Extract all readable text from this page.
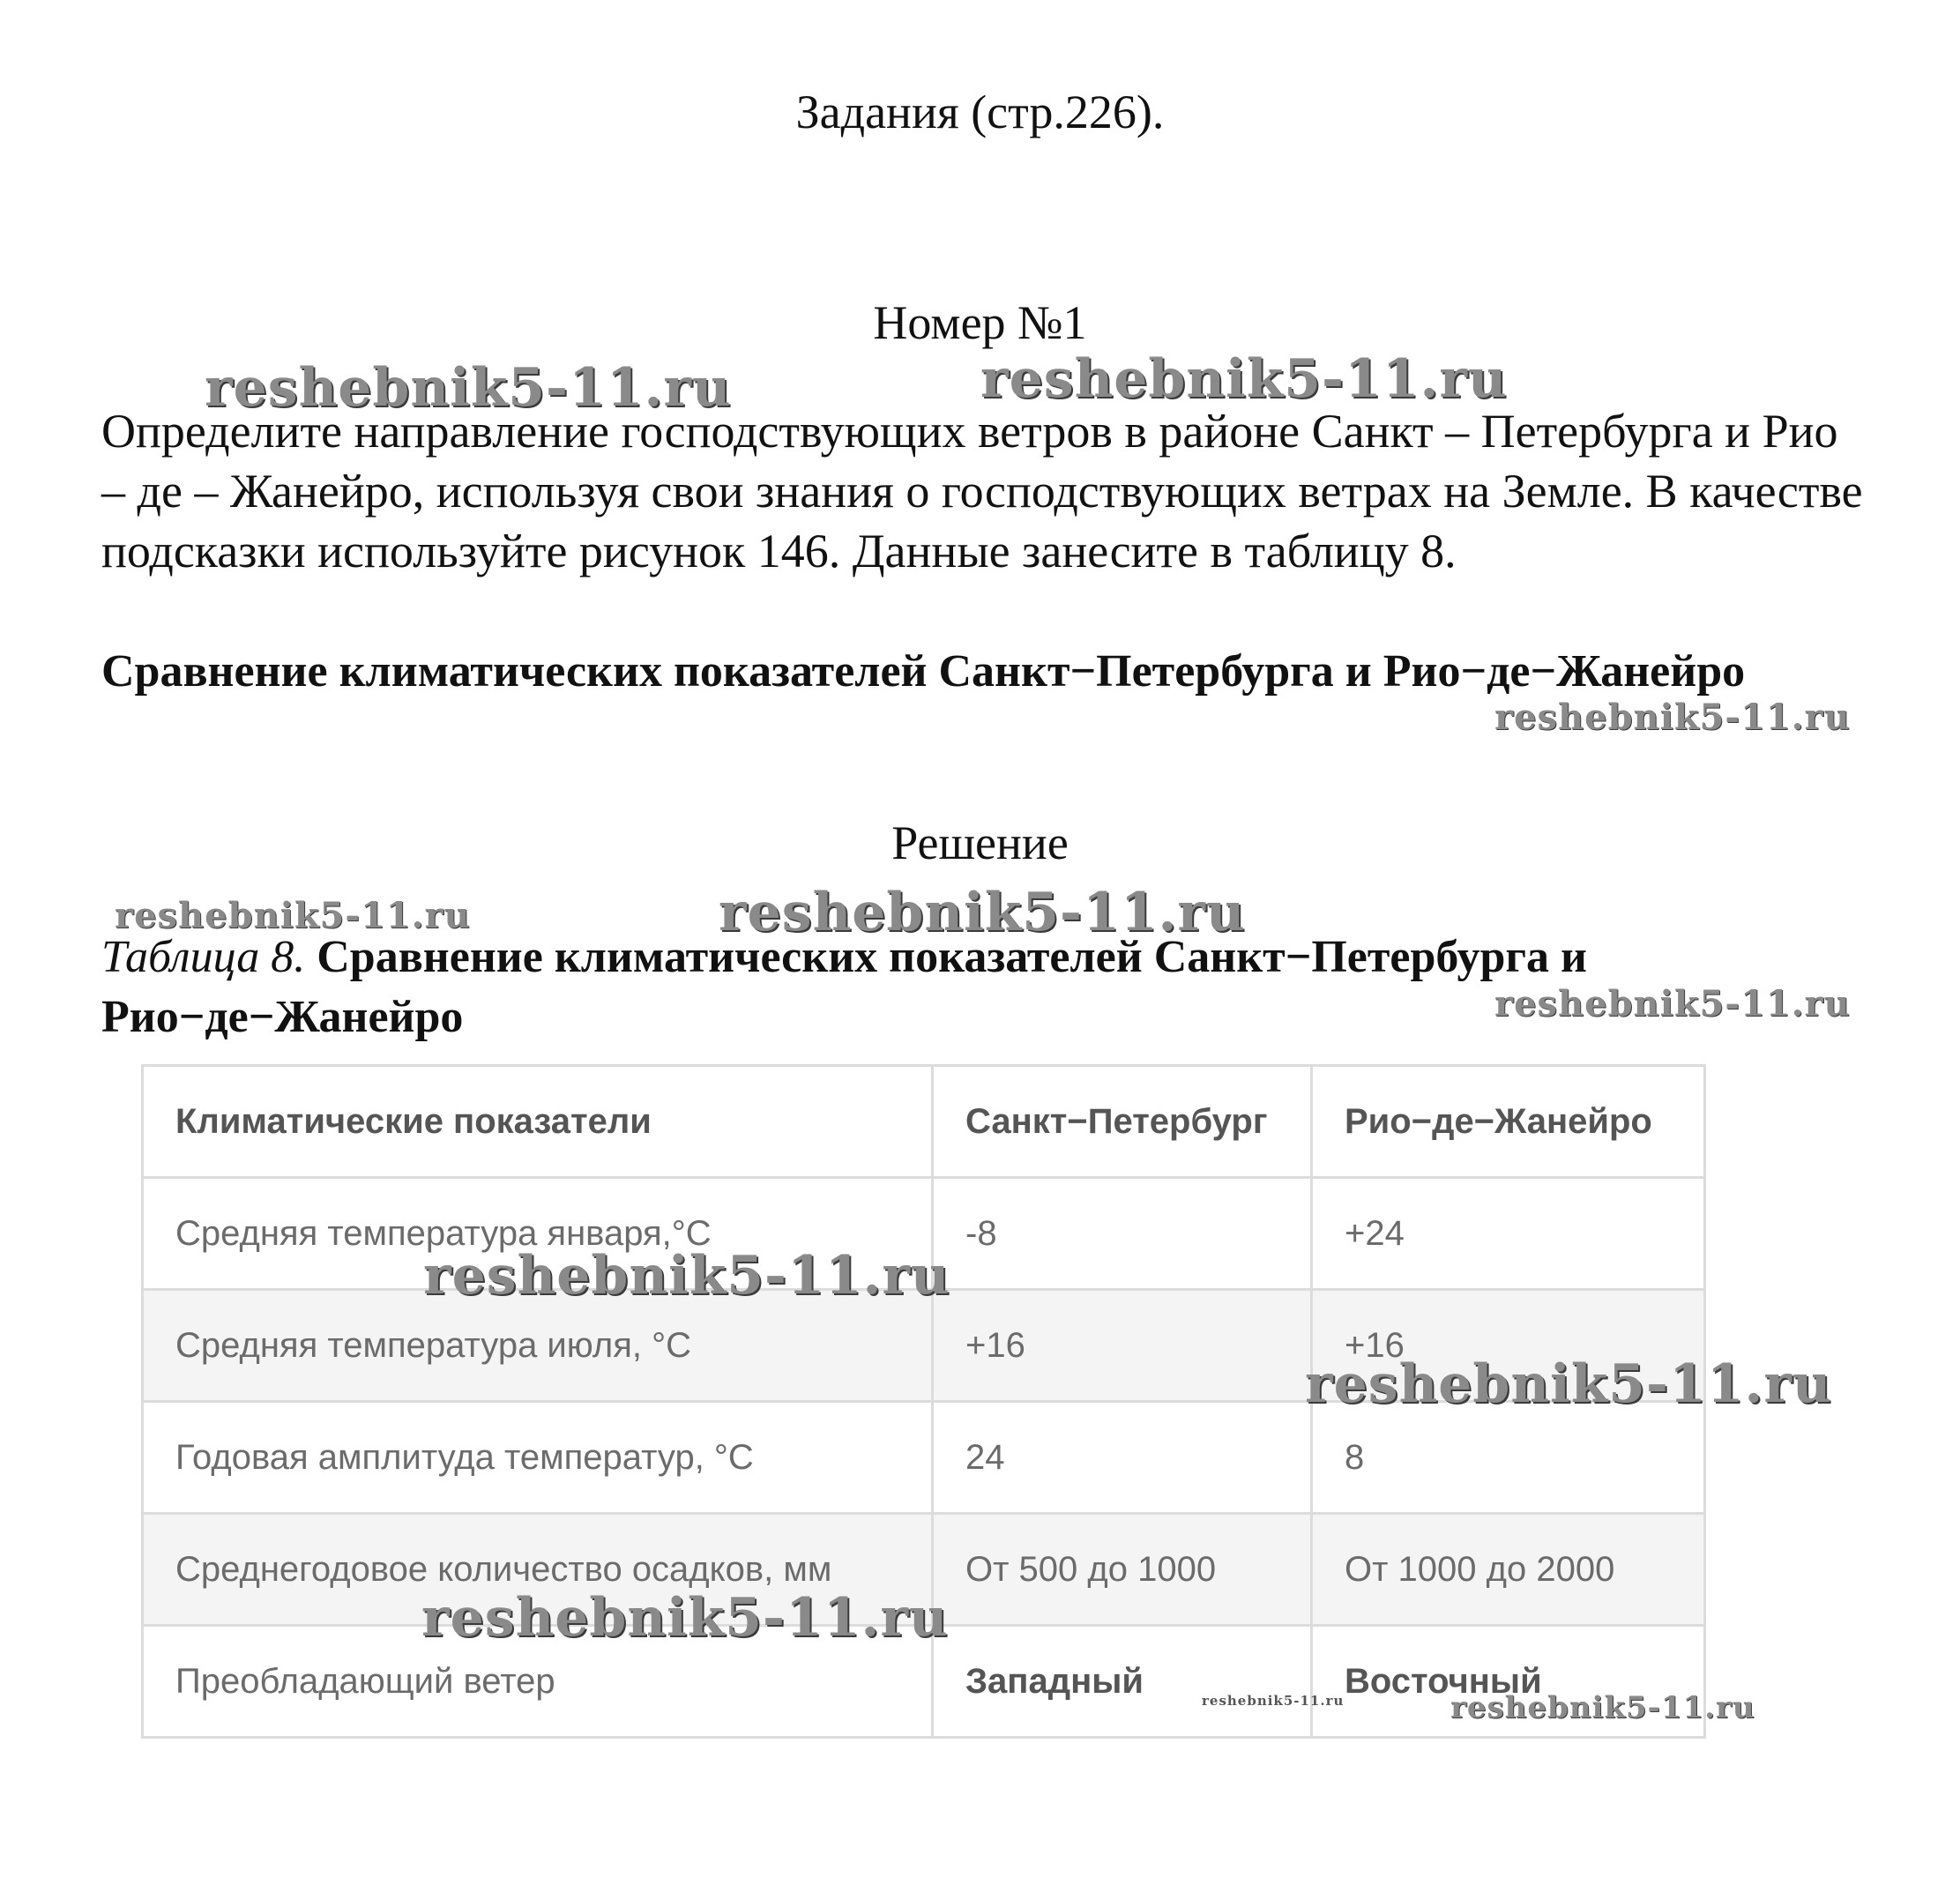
Задания (стр.226).
Номер №1

Определите направление господствующих ветров в районе Санкт – Петербурга и Рио – де – Жанейро, используя свои знания о господствующих ветрах на Земле. В качестве подсказки используйте рисунок 146. Данные занесите в таблицу 8.

Сравнение климатических показателей Санкт−Петербурга и Рио−де−Жанейро

Решение

Таблица 8. Сравнение климатических показателей Санкт−Петербурга и Рио−де−Жанейро

Климатические показатели	Санкт−Петербург	Рио−де−Жанейро
Средняя температура января,°С	-8	+24
Средняя температура июля, °С	+16	+16
Годовая амплитуда температур, °С	24	8
Среднегодовое количество осадков, мм	От 500 до 1000	От 1000 до 2000
Преобладающий ветер	Западный	Восточный
reshebnik5-11.ru	reshebnik5-11.ru
reshebnik5-11.ru
reshebnik5-11.ru	reshebnik5-11.ru
reshebnik5-11.ru
reshebnik5-11.ru
reshebnik5-11.ru
reshebnik5-11.ru
reshebnik5-11.ru	reshebnik5-11.ru
